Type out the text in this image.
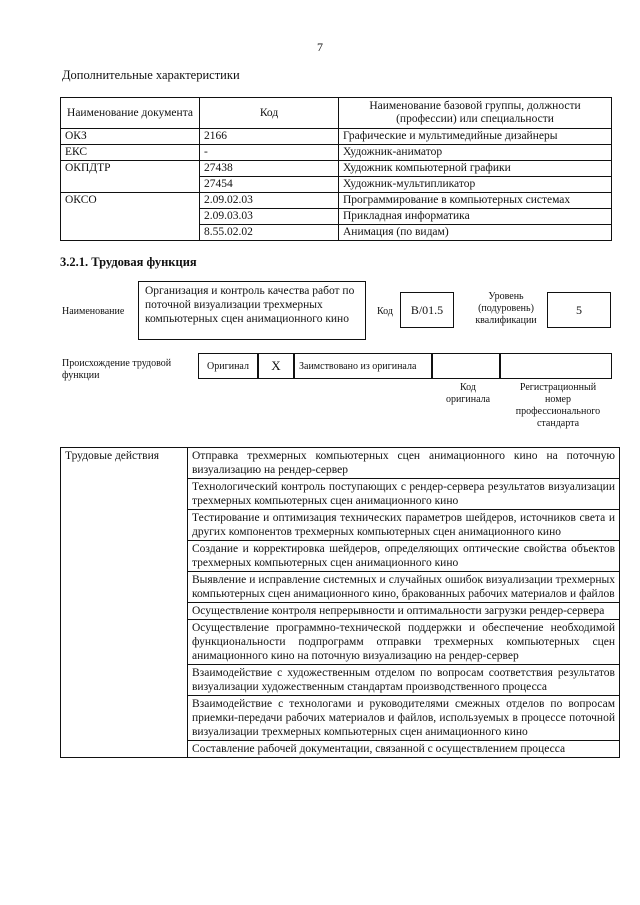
7
Дополнительные характеристики
Наименование документа	Код	Наименование базовой группы, должности (профессии) или специальности
ОКЗ	2166	Графические и мультимедийные дизайнеры
ЕКС	-	Художник-аниматор
ОКПДТР	27438	Художник компьютерной графики
	27454	Художник-мультипликатор
ОКСО	2.09.02.03	Программирование в компьютерных системах
	2.09.03.03	Прикладная информатика
	8.55.02.02	Анимация (по видам)
3.2.1. Трудовая функция
Наименование
Организация и контроль качества работ по поточной визуализации трехмерных компьютерных сцен анимационного кино
Код	B/01.5
Уровень (подуровень) квалификации
5
Происхождение трудовой функции
Оригинал	X	Заимствовано из оригинала
Код оригинала
Регистрационный номер профессионального стандарта
Трудовые действия	Отправка трехмерных компьютерных сцен анимационного кино на поточную визуализацию на рендер-сервер
Технологический контроль поступающих с рендер-сервера результатов визуализации трехмерных компьютерных сцен анимационного кино
Тестирование и оптимизация технических параметров шейдеров, источников света и других компонентов трехмерных компьютерных сцен анимационного кино
Создание и корректировка шейдеров, определяющих оптические свойства объектов трехмерных компьютерных сцен анимационного кино
Выявление и исправление системных и случайных ошибок визуализации трехмерных компьютерных сцен анимационного кино, бракованных рабочих материалов и файлов
Осуществление контроля непрерывности и оптимальности загрузки рендер-сервера
Осуществление программно-технической поддержки и обеспечение необходимой функциональности подпрограмм отправки трехмерных компьютерных сцен анимационного кино на поточную визуализацию на рендер-сервер
Взаимодействие с художественным отделом по вопросам соответствия результатов визуализации художественным стандартам производственного процесса
Взаимодействие с технологами и руководителями смежных отделов по вопросам приемки-передачи рабочих материалов и файлов, используемых в процессе поточной визуализации трехмерных компьютерных сцен анимационного кино
Составление рабочей документации, связанной с осуществлением процесса
